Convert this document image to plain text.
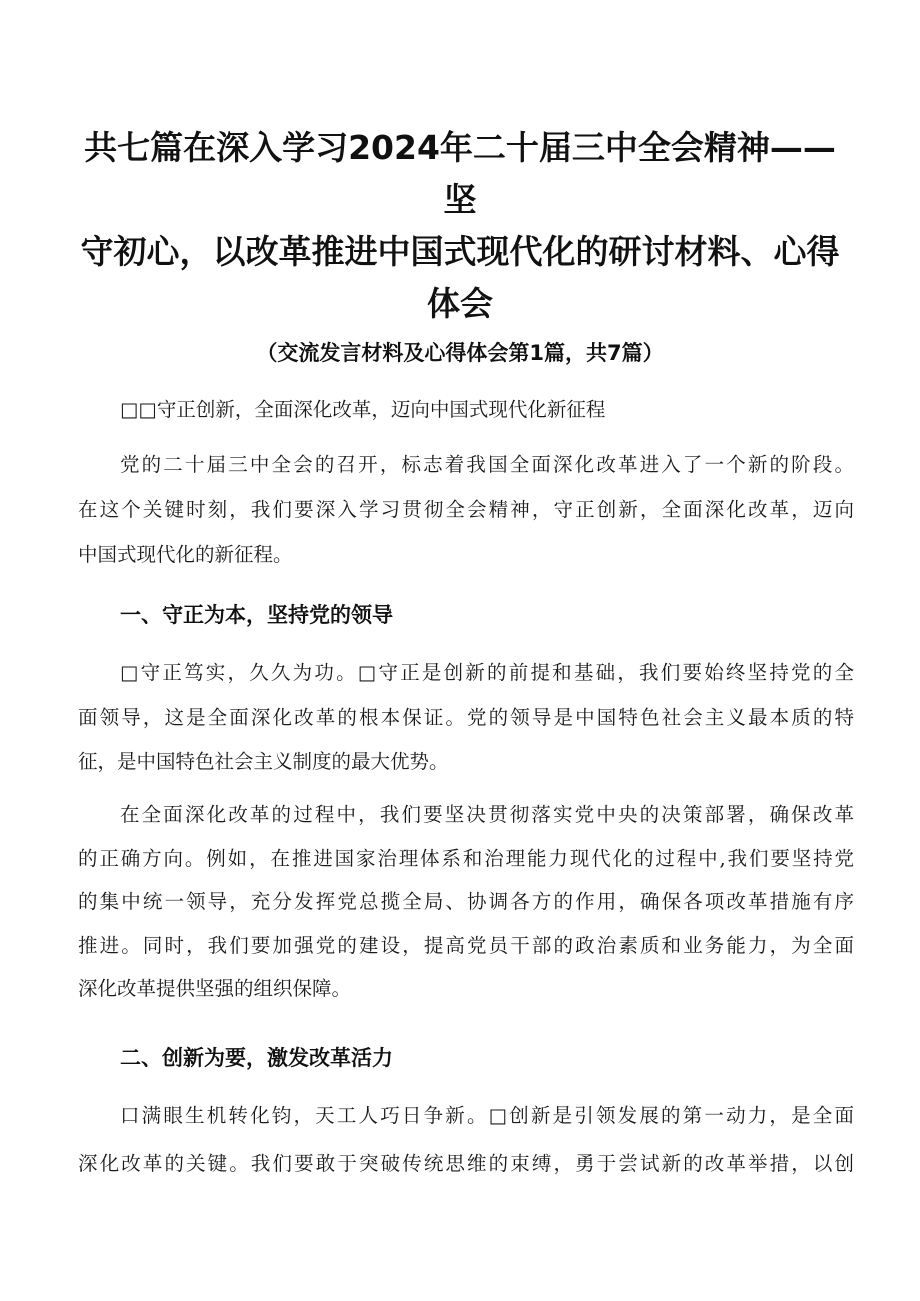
共七篇在深入学习2024年二十届三中全会精神——坚
守初心，以改革推进中国式现代化的研讨材料、心得
体会
（交流发言材料及心得体会第1篇，共7篇）
□□守正创新，全面深化改革，迈向中国式现代化新征程
党的二十届三中全会的召开，标志着我国全面深化改革进入了一个新的阶段。
在这个关键时刻，我们要深入学习贯彻全会精神，守正创新，全面深化改革，迈向
中国式现代化的新征程。
一、守正为本，坚持党的领导
□守正笃实，久久为功。□守正是创新的前提和基础，我们要始终坚持党的全
面领导，这是全面深化改革的根本保证。党的领导是中国特色社会主义最本质的特
征，是中国特色社会主义制度的最大优势。
在全面深化改革的过程中，我们要坚决贯彻落实党中央的决策部署，确保改革
的正确方向。例如，在推进国家治理体系和治理能力现代化的过程中,我们要坚持党
的集中统一领导，充分发挥党总揽全局、协调各方的作用，确保各项改革措施有序
推进。同时，我们要加强党的建设，提高党员干部的政治素质和业务能力，为全面
深化改革提供坚强的组织保障。
二、创新为要，激发改革活力
口满眼生机转化钧，天工人巧日争新。□创新是引领发展的第一动力，是全面
深化改革的关键。我们要敢于突破传统思维的束缚，勇于尝试新的改革举措，以创
